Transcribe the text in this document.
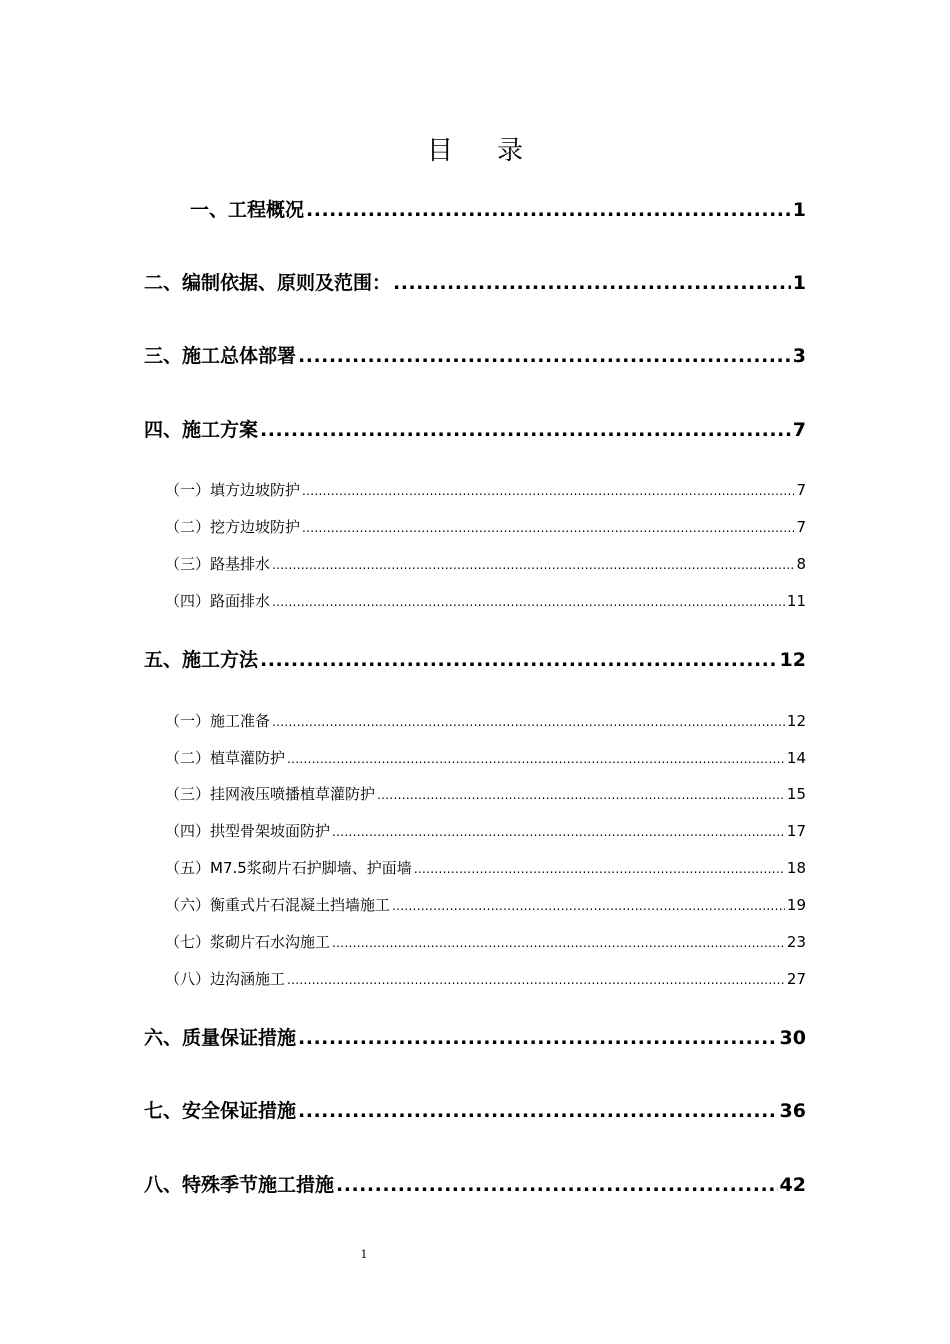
目 录
一、工程概况 .....	1
二、编制依据、原则及范围： .....	1
三、施工总体部署 .....	3
四、施工方案 .....	7
（一）填方边坡防护 .....	7
（二）挖方边坡防护 .....	7
（三）路基排水 .....	8
（四）路面排水 .....	11
五、施工方法 .....	12
（一）施工准备 .....	12
（二）植草灌防护 .....	14
（三）挂网液压喷播植草灌防护 .....	15
（四）拱型骨架坡面防护 .....	17
（五）M7.5浆砌片石护脚墙、护面墙 .....	18
（六）衡重式片石混凝土挡墙施工 .....	19
（七）浆砌片石水沟施工 .....	23
（八）边沟涵施工 .....	27
六、质量保证措施 .....	30
七、安全保证措施 .....	36
八、特殊季节施工措施 .....	42
1
